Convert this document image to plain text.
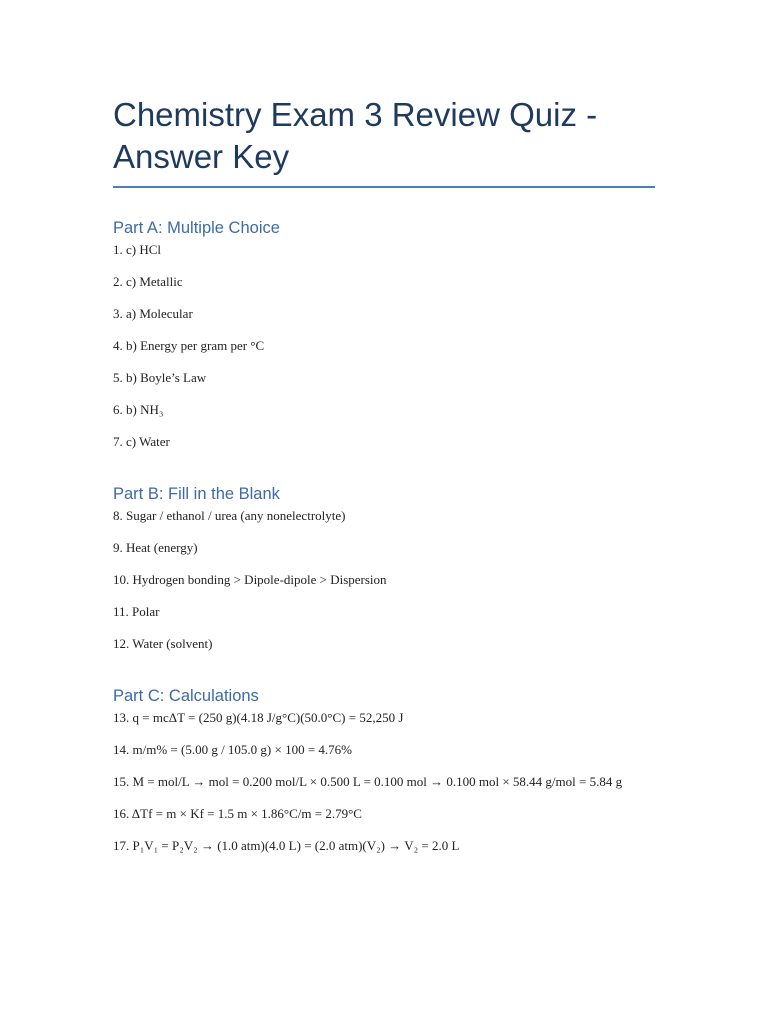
Chemistry Exam 3 Review Quiz - Answer Key
Part A: Multiple Choice
1. c) HCl
2. c) Metallic
3. a) Molecular
4. b) Energy per gram per °C
5. b) Boyle’s Law
6. b) NH₃
7. c) Water
Part B: Fill in the Blank
8. Sugar / ethanol / urea (any nonelectrolyte)
9. Heat (energy)
10. Hydrogen bonding > Dipole-dipole > Dispersion
11. Polar
12. Water (solvent)
Part C: Calculations
13. q = mcΔT = (250 g)(4.18 J/g°C)(50.0°C) = 52,250 J
14. m/m% = (5.00 g / 105.0 g) × 100 = 4.76%
15. M = mol/L → mol = 0.200 mol/L × 0.500 L = 0.100 mol → 0.100 mol × 58.44 g/mol = 5.84 g
16. ΔTf = m × Kf = 1.5 m × 1.86°C/m = 2.79°C
17. P₁V₁ = P₂V₂ → (1.0 atm)(4.0 L) = (2.0 atm)(V₂) → V₂ = 2.0 L
